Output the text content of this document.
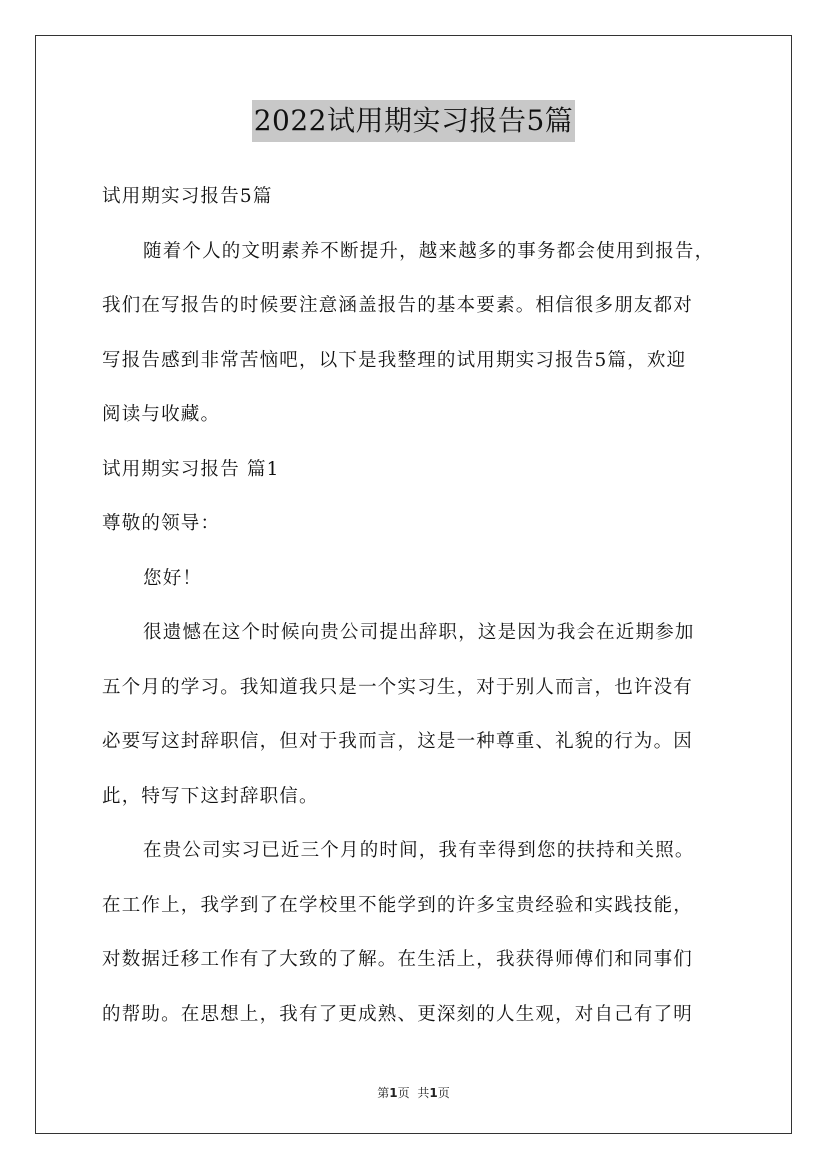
2022试用期实习报告5篇
试用期实习报告5篇
随着个人的文明素养不断提升，越来越多的事务都会使用到报告，
我们在写报告的时候要注意涵盖报告的基本要素。相信很多朋友都对
写报告感到非常苦恼吧，以下是我整理的试用期实习报告5篇，欢迎
阅读与收藏。
试用期实习报告 篇1
尊敬的领导：
您好！
很遗憾在这个时候向贵公司提出辞职，这是因为我会在近期参加
五个月的学习。我知道我只是一个实习生，对于别人而言，也许没有
必要写这封辞职信，但对于我而言，这是一种尊重、礼貌的行为。因
此，特写下这封辞职信。
在贵公司实习已近三个月的时间，我有幸得到您的扶持和关照。
在工作上，我学到了在学校里不能学到的许多宝贵经验和实践技能，
对数据迁移工作有了大致的了解。在生活上，我获得师傅们和同事们
的帮助。在思想上，我有了更成熟、更深刻的人生观，对自己有了明
第1页 共1页
